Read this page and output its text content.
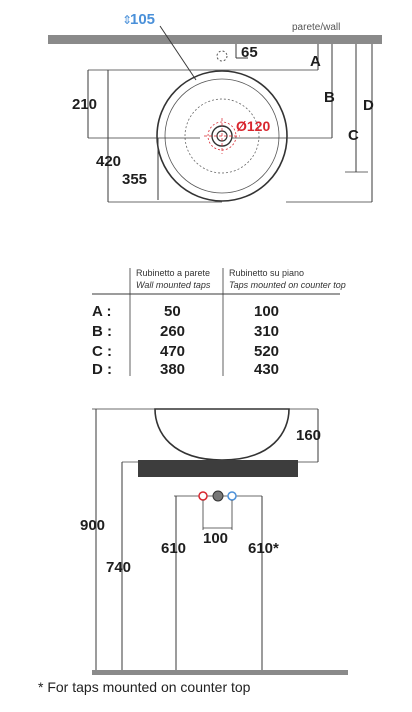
parete/wall
⇕
105
65
Ø120
210
420
355
A
B
C
D
Rubinetto a parete
Wall mounted taps
Rubinetto su piano
Taps mounted on counter top
A :	50	100
B :	260	310
C :	470	520
D :	380	430
160
900
740
100
610	610*
* For taps mounted on counter top
